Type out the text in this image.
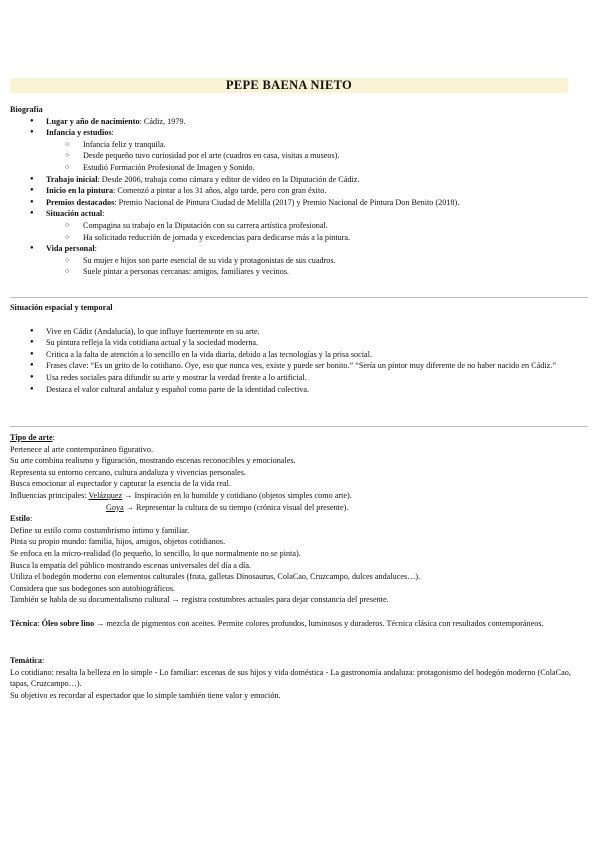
PEPE BAENA NIETO
Biografía
● Lugar y año de nacimiento: Cádiz, 1979.
● Infancia y estudios:
○ Infancia feliz y tranquila.
○ Desde pequeño tuvo curiosidad por el arte (cuadros en casa, visitas a museos).
○ Estudió Formación Profesional de Imagen y Sonido.
● Trabajo inicial: Desde 2006, trabaja como cámara y editor de vídeo en la Diputación de Cádiz.
● Inicio en la pintura: Comenzó a pintar a los 31 años, algo tarde, pero con gran éxito.
● Premios destacados: Premio Nacional de Pintura Ciudad de Melilla (2017) y Premio Nacional de Pintura Don Benito (2018).
● Situación actual:
○ Compagina su trabajo en la Diputación con su carrera artística profesional.
○ Ha solicitado reducción de jornada y excedencias para dedicarse más a la pintura.
● Vida personal:
○ Su mujer e hijos son parte esencial de su vida y protagonistas de sus cuadros.
○ Suele pintar a personas cercanas: amigos, familiares y vecinos.
Situación espacial y temporal
● Vive en Cádiz (Andalucía), lo que influye fuertemente en su arte.
● Su pintura refleja la vida cotidiana actual y la sociedad moderna.
● Critica a la falta de atención a lo sencillo en la vida diaria, debido a las tecnologías y la prisa social.
● Frases clave: “Es un grito de lo cotidiano. Oye, eso que nunca ves, existe y puede ser bonito.” “Sería un pintor muy diferente de no haber nacido en Cádiz.”
● Usa redes sociales para difundir su arte y mostrar la verdad frente a lo artificial.
● Destaca el valor cultural andaluz y español como parte de la identidad colectiva.

Tipo de arte:

Pertenece al arte contemporáneo figurativo.

Su arte combina realismo y figuración, mostrando escenas reconocibles y emocionales.

Representa su entorno cercano, cultura andaluza y vivencias personales.

Busca emocionar al espectador y capturar la esencia de la vida real.

Influencias principales: Velázquez → Inspiración en lo humilde y cotidiano (objetos simples como arte).

Goya → Representar la cultura de su tiempo (crónica visual del presente).

Estilo:

Define su estilo como costumbrismo íntimo y familiar.

Pinta su propio mundo: familia, hijos, amigos, objetos cotidianos.

Se enfoca en la micro-realidad (lo pequeño, lo sencillo, lo que normalmente no se pinta).

Busca la empatía del público mostrando escenas universales del día a día.

Utiliza el bodegón moderno con elementos culturales (fruta, galletas Dinosaurus, ColaCao, Cruzcampo, dulces andaluces…).

Considera que sus bodegones son autobiográficos.

También se habla de su documentalismo cultural → registra costumbres actuales para dejar constancia del presente.

Técnica: Óleo sobre lino → mezcla de pigmentos con aceites. Permite colores profundos, luminosos y duraderos. Técnica clásica con resultados contemporáneos.

Temática:

Lo cotidiano: resalta la belleza en lo simple - Lo familiar: escenas de sus hijos y vida doméstica - La gastronomía andaluza: protagonismo del bodegón moderno (ColaCao, tapas, Cruzcampo…).

Su objetivo es recordar al espectador que lo simple también tiene valor y emoción.
